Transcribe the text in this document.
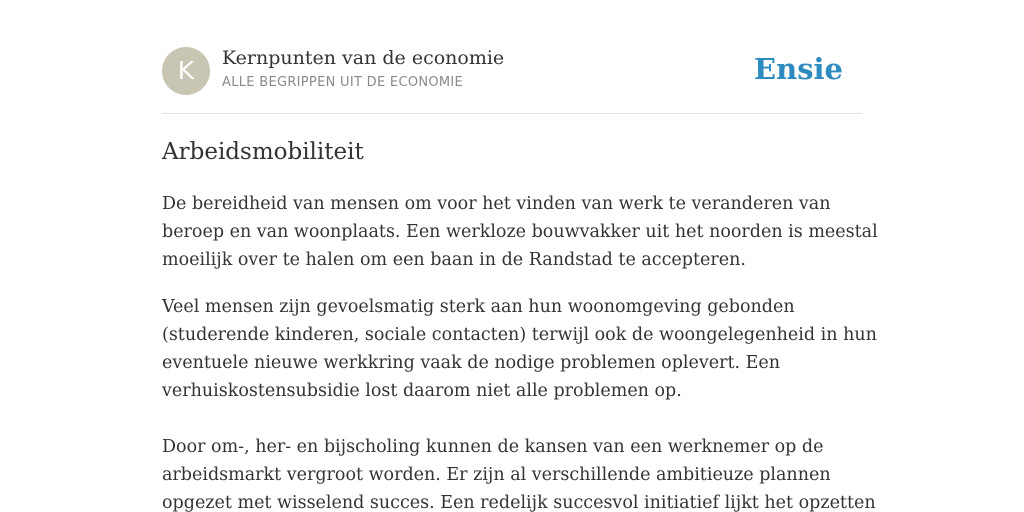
K	Kernpunten van de economie
ALLE BEGRIPPEN UIT DE ECONOMIE	Ensie
Arbeidsmobiliteit

De bereidheid van mensen om voor het vinden van werk te veranderen van
beroep en van woonplaats. Een werkloze bouwvakker uit het noorden is meestal
moeilijk over te halen om een baan in de Randstad te accepteren.

Veel mensen zijn gevoelsmatig sterk aan hun woonomgeving gebonden
(studerende kinderen, sociale contacten) terwijl ook de woongelegenheid in hun
eventuele nieuwe werkkring vaak de nodige problemen oplevert. Een
verhuiskostensubsidie lost daarom niet alle problemen op.

Door om-, her- en bijscholing kunnen de kansen van een werknemer op de
arbeidsmarkt vergroot worden. Er zijn al verschillende ambitieuze plannen
opgezet met wisselend succes. Een redelijk succesvol initiatief lijkt het opzetten
